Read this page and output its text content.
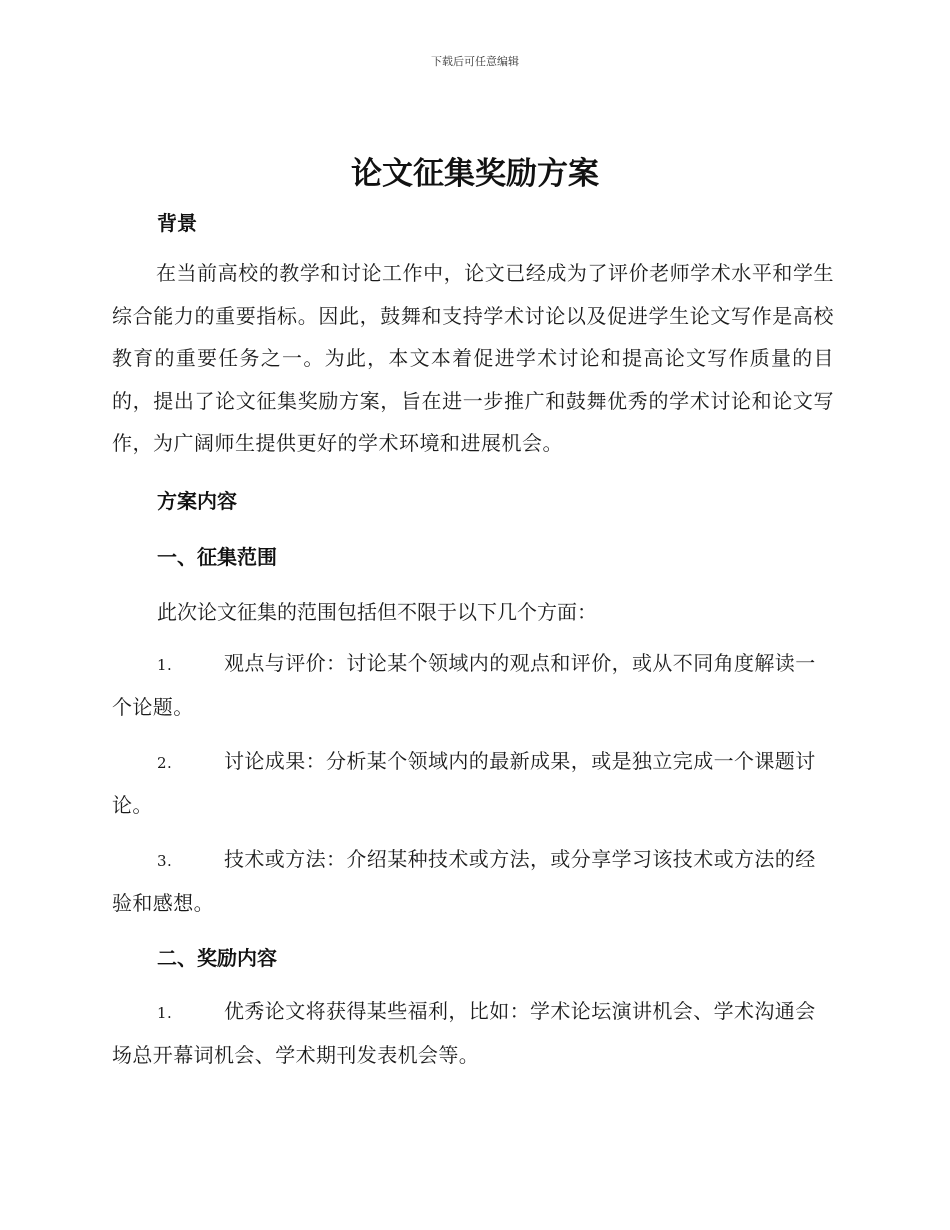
下载后可任意编辑
论文征集奖励方案
背景
在当前高校的教学和讨论工作中，论文已经成为了评价老师学术水平和学生综合能力的重要指标。因此，鼓舞和支持学术讨论以及促进学生论文写作是高校教育的重要任务之一。为此，本文本着促进学术讨论和提高论文写作质量的目的，提出了论文征集奖励方案，旨在进一步推广和鼓舞优秀的学术讨论和论文写作，为广阔师生提供更好的学术环境和进展机会。
方案内容
一、征集范围
此次论文征集的范围包括但不限于以下几个方面：
1.	观点与评价：讨论某个领域内的观点和评价，或从不同角度解读一个论题。
2.	讨论成果：分析某个领域内的最新成果，或是独立完成一个课题讨论。
3.	技术或方法：介绍某种技术或方法，或分享学习该技术或方法的经验和感想。
二、奖励内容
1.	优秀论文将获得某些福利，比如：学术论坛演讲机会、学术沟通会场总开幕词机会、学术期刊发表机会等。
